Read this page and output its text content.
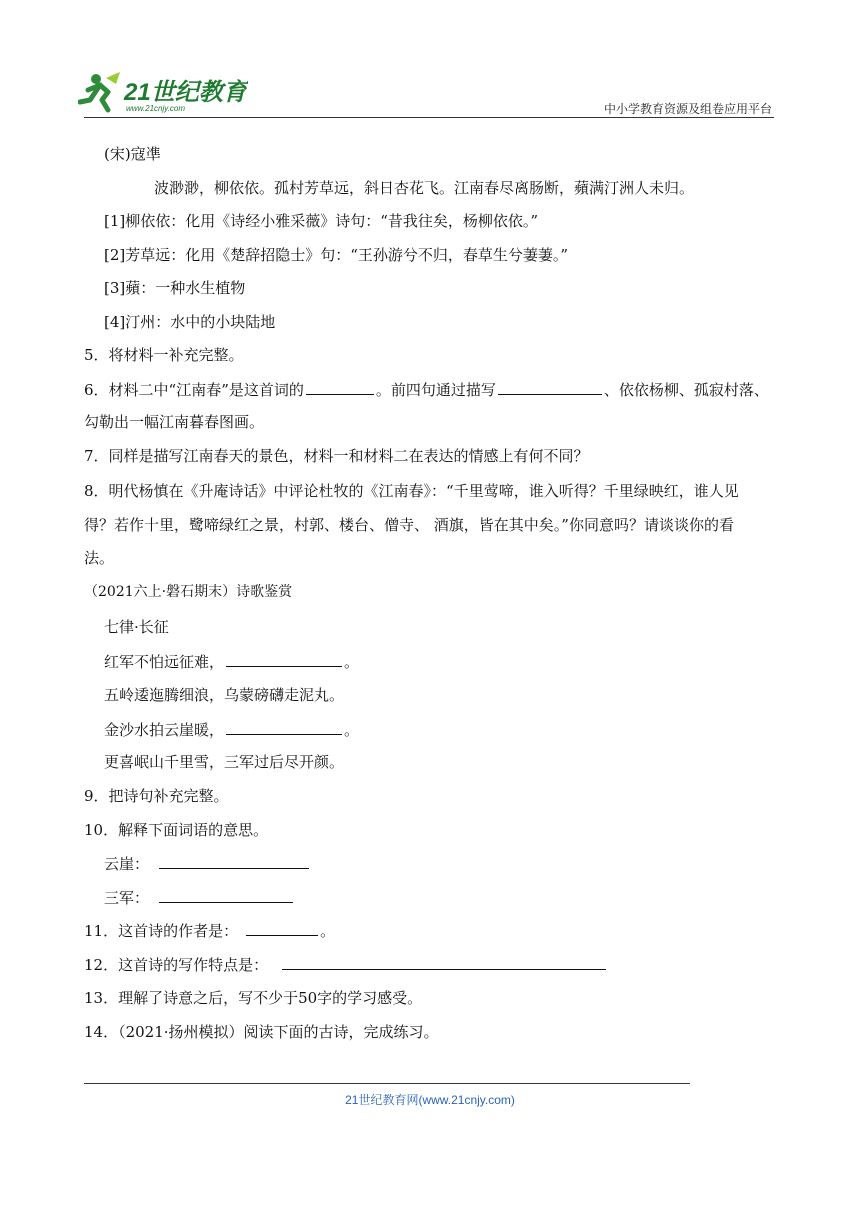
21世纪教育
www.21cnjy.com	中小学教育资源及组卷应用平台
(宋)寇凖
波渺渺，柳依依。孤村芳草远，斜日杏花飞。江南春尽离肠断，蘋满汀洲人未归。
[1]柳依依：化用《诗经小雅采薇》诗句：“昔我往矣，杨柳依依。”
[2]芳草远：化用《楚辞招隐士》句：“王孙游兮不归，春草生兮萋萋。”
[3]蘋：一种水生植物
[4]汀州：水中的小块陆地
5．将材料一补充完整。
6．材料二中“江南春”是这首词的	。前四句通过描写	、依依杨柳、孤寂村落、
勾勒出一幅江南暮春图画。
7．同样是描写江南春天的景色，材料一和材料二在表达的情感上有何不同？
8．明代杨慎在《升庵诗话》中评论杜牧的《江南春》：“千里莺啼，谁入听得？千里绿映红，谁人见
得？若作十里，鹭啼绿红之景，村郭、楼台、僧寺、 酒旗，皆在其中矣。”你同意吗？请谈谈你的看
法。
（2021六上·磐石期末）诗歌鉴赏
七律·长征
红军不怕远征难，	。
五岭逶迤腾细浪，乌蒙磅礴走泥丸。
金沙水拍云崖暖，	。
更喜岷山千里雪，三军过后尽开颜。
9．把诗句补充完整。
10．解释下面词语的意思。
云崖：
三军：
11．这首诗的作者是：	。
12．这首诗的写作特点是：
13．理解了诗意之后，写不少于50字的学习感受。
14．（2021·扬州模拟）阅读下面的古诗，完成练习。
21世纪教育网(www.21cnjy.com)
